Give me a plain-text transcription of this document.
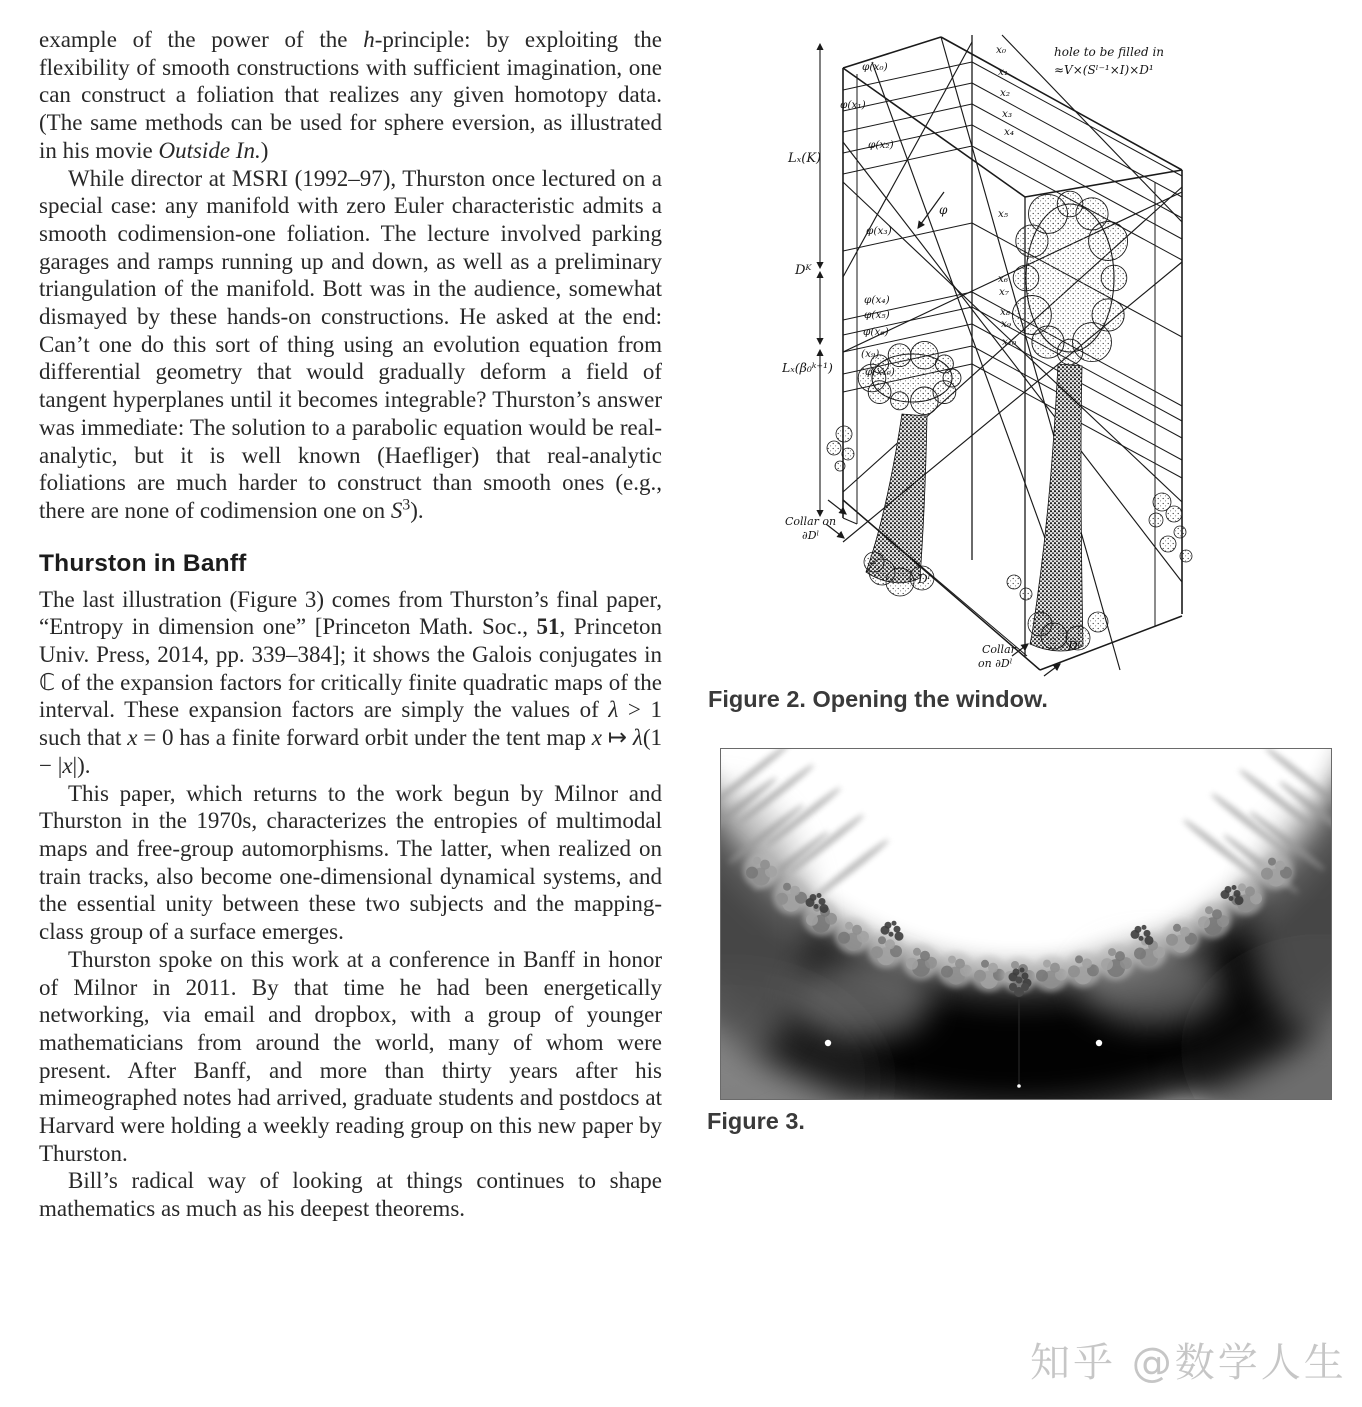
example of the power of the h-principle: by exploiting the flexibility of smooth constructions with sufficient imagination, one can construct a foliation that realizes any given homotopy data. (The same methods can be used for sphere eversion, as illustrated in his movie Outside In.)

While director at MSRI (1992–97), Thurston once lectured on a special case: any manifold with zero Euler characteristic admits a smooth codimension-one foliation. The lecture involved parking garages and ramps running up and down, as well as a preliminary triangulation of the manifold. Bott was in the audience, somewhat dismayed by these hands-on constructions. He asked at the end: Can’t one do this sort of thing using an evolution equation from differential geometry that would gradually deform a field of tangent hyperplanes until it becomes integrable? Thurston’s answer was immediate: The solution to a parabolic equation would be real-analytic, but it is well known (Haefliger) that real-analytic foliations are much harder to construct than smooth ones (e.g., there are none of codimension one on $S^3$).

Thurston in Banff

The last illustration (Figure 3) comes from Thurston’s final paper, “Entropy in dimension one” [Princeton Math. Soc., 51, Princeton Univ. Press, 2014, pp. 339–384]; it shows the Galois conjugates in ℂ of the expansion factors for critically finite quadratic maps of the interval. These expansion factors are simply the values of λ > 1 such that x = 0 has a finite forward orbit under the tent map x ↦ λ(1 − |x|).

This paper, which returns to the work begun by Milnor and Thurston in the 1970s, characterizes the entropies of multimodal maps and free-group automorphisms. The latter, when realized on train tracks, also become one-dimensional dynamical systems, and the essential unity between these two subjects and the mapping-class group of a surface emerges.

Thurston spoke on this work at a conference in Banff in honor of Milnor in 2011. By that time he had been energetically networking, via email and dropbox, with a group of younger mathematicians from around the world, many of whom were present. After Banff, and more than thirty years after his mimeographed notes had arrived, graduate students and postdocs at Harvard were holding a weekly reading group on this new paper by Thurston.

Bill’s radical way of looking at things continues to shape mathematics as much as his deepest theorems.

hole to be filled in
≈V×(Sˡ⁻¹×I)×D¹
x₀
x₁
x₂
x₃
x₄
φ(x₀)
φ(x₁)
φ(x₂)
Lₓ(K)
φ	x₅
φ(x₃)
Dᴷ
x₆
x₇
x₈
x₉
x₁₀
φ(x₄)
φ(x₅)
φ(x₆)
(x₉)
φ(x₁₀)
Lₓ(β₀ᵏ⁺¹)
Collar on
∂Dˡ
Dˡ
Collar
on ∂Dˡ
Dˡ
Figure 2. Opening the window.
Figure 3.
知乎 @数学人生
